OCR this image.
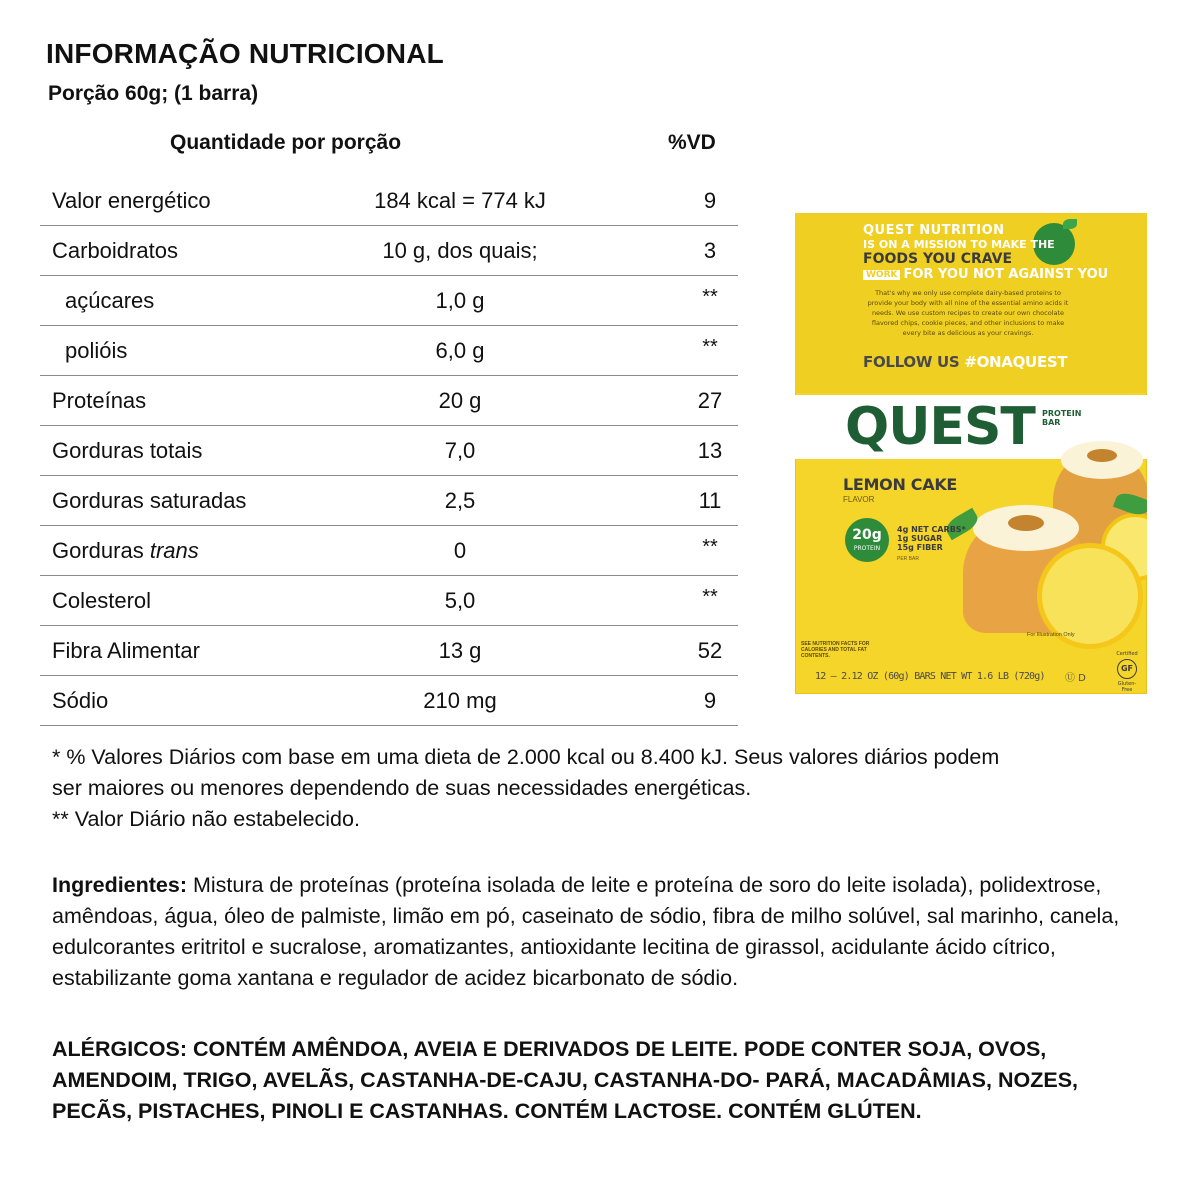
INFORMAÇÃO NUTRICIONAL
Porção 60g; (1 barra)
Quantidade por porção	%VD
Valor energético	184 kcal = 774 kJ	9
Carboidratos	10 g, dos quais;	3
açúcares	1,0 g	**
polióis	6,0 g	**
Proteínas	20 g	27
Gorduras totais	7,0	13
Gorduras saturadas	2,5	11
Gorduras trans	0	**
Colesterol	5,0	**
Fibra Alimentar	13 g	52
Sódio	210 mg	9
QUEST NUTRITION
IS ON A MISSION TO MAKE THE
FOODS YOU CRAVE
WORK FOR YOU NOT AGAINST YOU
That's why we only use complete dairy-based proteins to provide your body with all nine of the essential amino acids it needs. We use custom recipes to create our own chocolate flavored chips, cookie pieces, and other inclusions to make every bite as delicious as your cravings.
FOLLOW US #ONAQUEST
QUEST PROTEIN
BAR
LEMON CAKE
FLAVOR
20g
PROTEIN
4g NET CARBS*
1g SUGAR
15g FIBER
PER BAR
For Illustration Only
SEE NUTRITION FACTS FOR CALORIES AND TOTAL FAT CONTENTS.
12 — 2.12 OZ (60g) BARS NET WT 1.6 LB (720g) Ⓤ D
Certified
GF
Gluten-Free
* % Valores Diários com base em uma dieta de 2.000 kcal ou 8.400 kJ. Seus valores diários podem
ser maiores ou menores dependendo de suas necessidades energéticas.
** Valor Diário não estabelecido.
Ingredientes: Mistura de proteínas (proteína isolada de leite e proteína de soro do leite isolada), polidextrose, amêndoas, água, óleo de palmiste, limão em pó, caseinato de sódio, fibra de milho solúvel, sal marinho, canela, edulcorantes eritritol e sucralose, aromatizantes, antioxidante lecitina de girassol, acidulante ácido cítrico, estabilizante goma xantana e regulador de acidez bicarbonato de sódio.
ALÉRGICOS: CONTÉM AMÊNDOA, AVEIA E DERIVADOS DE LEITE. PODE CONTER SOJA, OVOS, AMENDOIM, TRIGO, AVELÃS, CASTANHA-DE-CAJU, CASTANHA-DO- PARÁ, MACADÂMIAS, NOZES, PECÃS, PISTACHES, PINOLI E CASTANHAS. CONTÉM LACTOSE. CONTÉM GLÚTEN.
